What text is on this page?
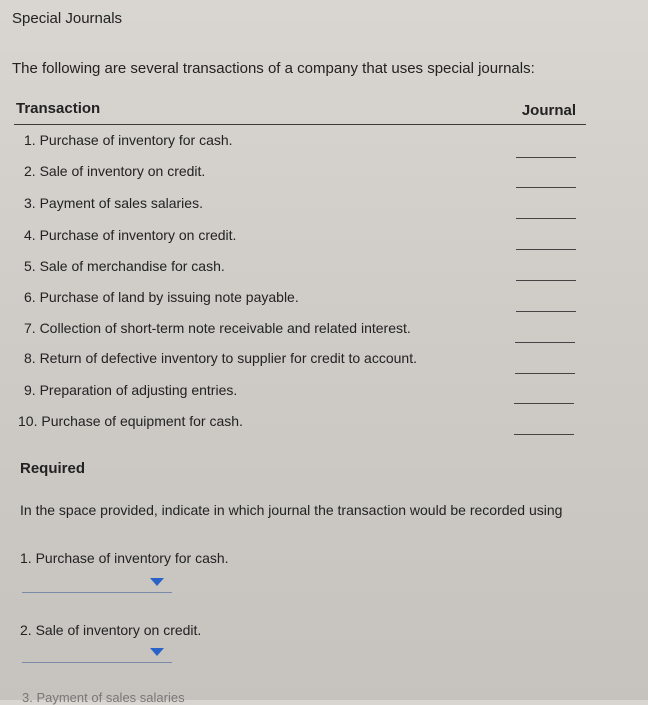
Special Journals
The following are several transactions of a company that uses special journals:
Transaction	Journal
1. Purchase of inventory for cash.
2. Sale of inventory on credit.
3. Payment of sales salaries.
4. Purchase of inventory on credit.
5. Sale of merchandise for cash.
6. Purchase of land by issuing note payable.
7. Collection of short-term note receivable and related interest.
8. Return of defective inventory to supplier for credit to account.
9. Preparation of adjusting entries.
10. Purchase of equipment for cash.
Required
In the space provided, indicate in which journal the transaction would be recorded using
1. Purchase of inventory for cash.
2. Sale of inventory on credit.
3. Payment of sales salaries
